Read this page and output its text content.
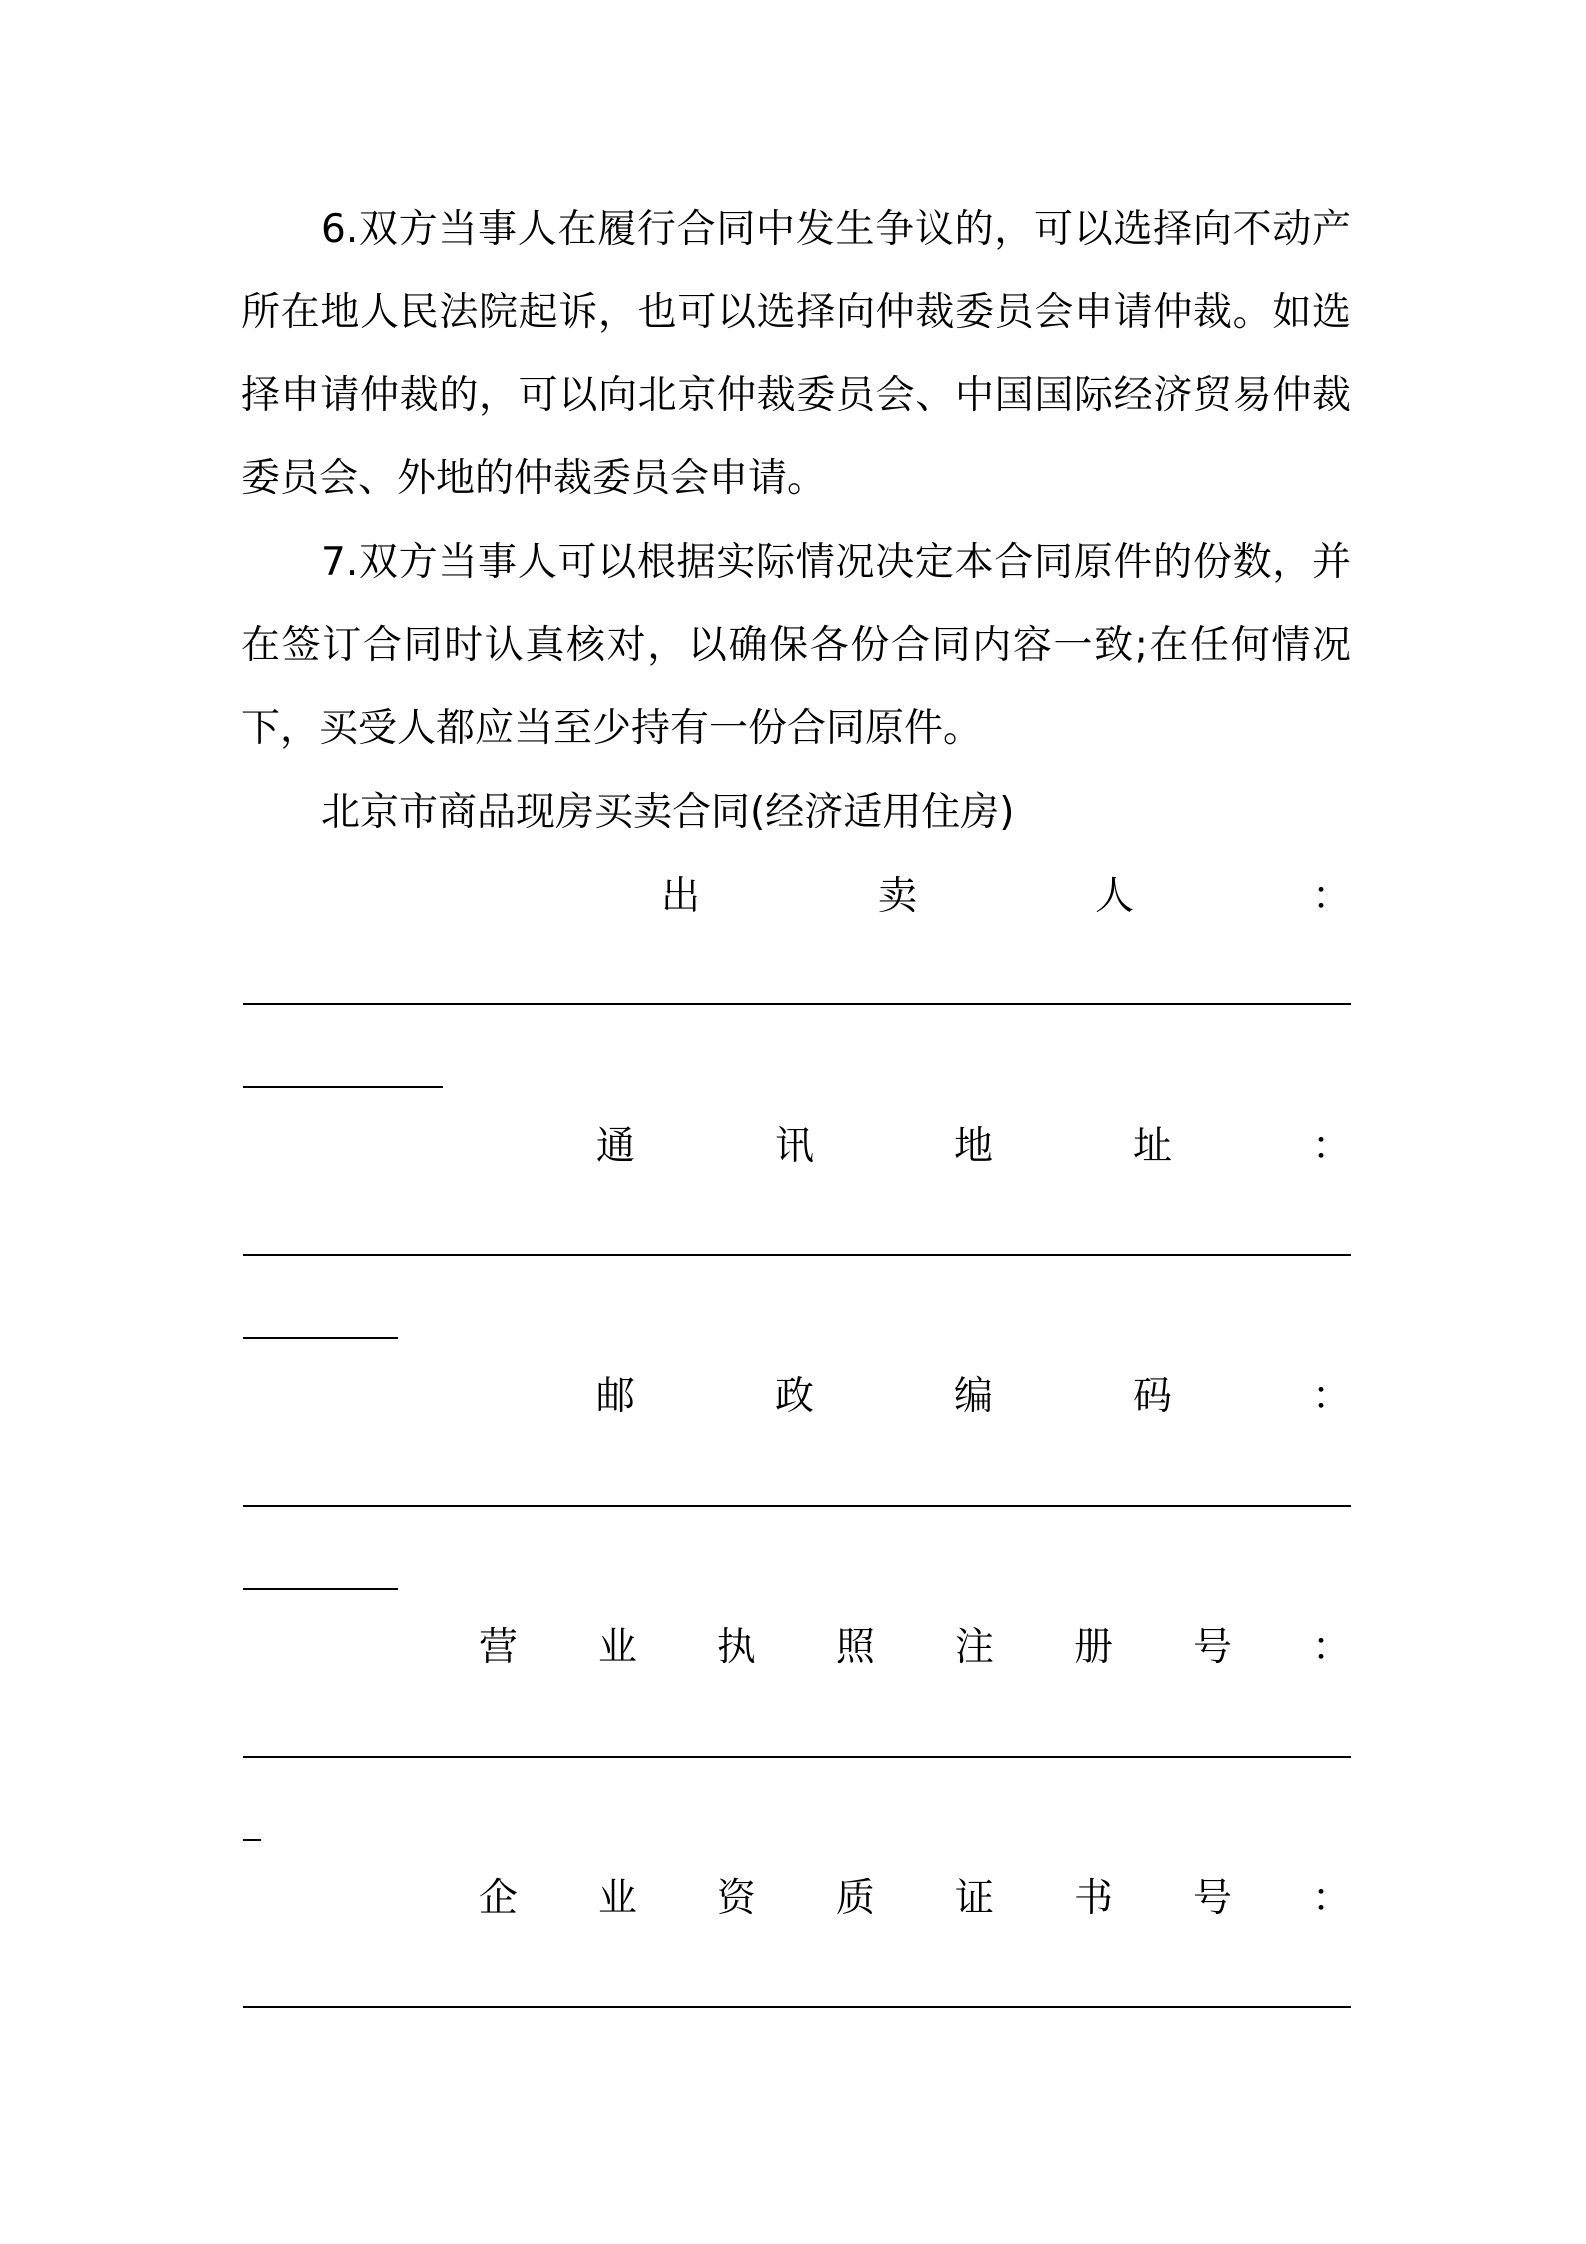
6.双方当事人在履行合同中发生争议的，可以选择向不动产所在地人民法院起诉，也可以选择向仲裁委员会申请仲裁。如选择申请仲裁的，可以向北京仲裁委员会、中国国际经济贸易仲裁委员会、外地的仲裁委员会申请。

7.双方当事人可以根据实际情况决定本合同原件的份数，并在签订合同时认真核对，以确保各份合同内容一致;在任何情况下，买受人都应当至少持有一份合同原件。

北京市商品现房买卖合同(经济适用住房)
出	卖	人	：
通	讯	地	址	：
邮	政	编	码	：
营 业 执 照 注 册 号 ：
企 业 资 质 证 书 号 ：
